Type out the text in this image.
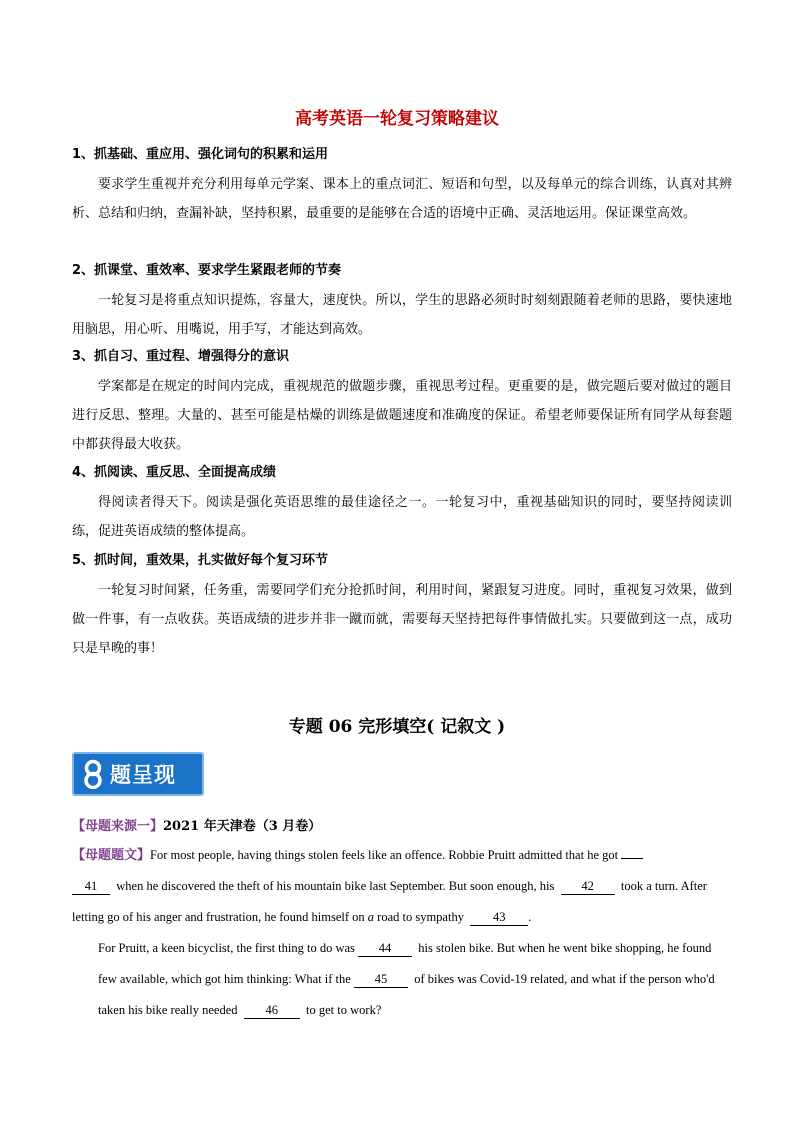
高考英语一轮复习策略建议

1、抓基础、重应用、强化词句的积累和运用

要求学生重视并充分利用每单元学案、课本上的重点词汇、短语和句型，以及每单元的综合训练，认真对其辨析、总结和归纳，查漏补缺，坚持积累，最重要的是能够在合适的语境中正确、灵活地运用。保证课堂高效。

2、抓课堂、重效率、要求学生紧跟老师的节奏

一轮复习是将重点知识提炼，容量大，速度快。所以，学生的思路必须时时刻刻跟随着老师的思路，要快速地用脑思，用心听、用嘴说，用手写，才能达到高效。

3、抓自习、重过程、增强得分的意识

学案都是在规定的时间内完成，重视规范的做题步骤，重视思考过程。更重要的是，做完题后要对做过的题目进行反思、整理。大量的、甚至可能是枯燥的训练是做题速度和准确度的保证。希望老师要保证所有同学从每套题中都获得最大收获。

4、抓阅读、重反思、全面提高成绩

得阅读者得天下。阅读是强化英语思维的最佳途径之一。一轮复习中，重视基础知识的同时，要坚持阅读训练，促进英语成绩的整体提高。

5、抓时间，重效果，扎实做好每个复习环节

一轮复习时间紧，任务重，需要同学们充分抢抓时间，利用时间，紧跟复习进度。同时，重视复习效果，做到做一件事，有一点收获。英语成绩的进步并非一蹴而就，需要每天坚持把每件事情做扎实。只要做到这一点，成功只是早晚的事！

专题 06 完形填空( 记叙文 )
题呈现
【母题来源一】2021 年天津卷（3 月卷）

【母题题文】For most people, having things stolen feels like an offence. Robbie Pruitt admitted that he got
41 when he discovered the theft of his mountain bike last September. But soon enough, his 42 took a turn. After letting go of his anger and frustration, he found himself on a road to sympathy 43 .

For Pruitt, a keen bicyclist, the first thing to do was 44 his stolen bike. But when he went bike shopping, he found few available, which got him thinking: What if the 45 of bikes was Covid-19 related, and what if the person who'd taken his bike really needed 46 to get to work?
